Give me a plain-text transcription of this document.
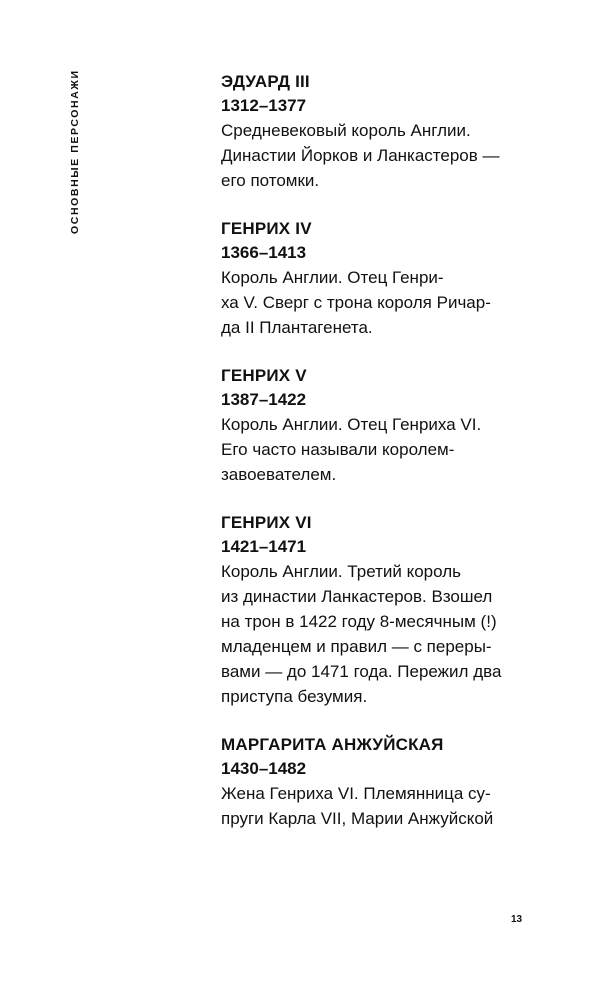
ОСНОВНЫЕ ПЕРСОНАЖИ	ЭДУАРД III
1312–1377
Средневековый король Англии.
Династии Йорков и Ланкастеров —
его потомки.
ГЕНРИХ IV
1366–1413
Король Англии. Отец Генри-
ха V. Сверг с трона короля Ричар-
да II Плантагенета.
ГЕНРИХ V
1387–1422
Король Англии. Отец Генриха VI.
Его часто называли королем-
завоевателем.
ГЕНРИХ VI
1421–1471
Король Англии. Третий король
из династии Ланкастеров. Взошел
на трон в 1422 году 8-месячным (!)
младенцем и правил — с переры-
вами — до 1471 года. Пережил два
приступа безумия.
МАРГАРИТА АНЖУЙСКАЯ
1430–1482
Жена Генриха VI. Племянница су-
пруги Карла VII, Марии Анжуйской
13
